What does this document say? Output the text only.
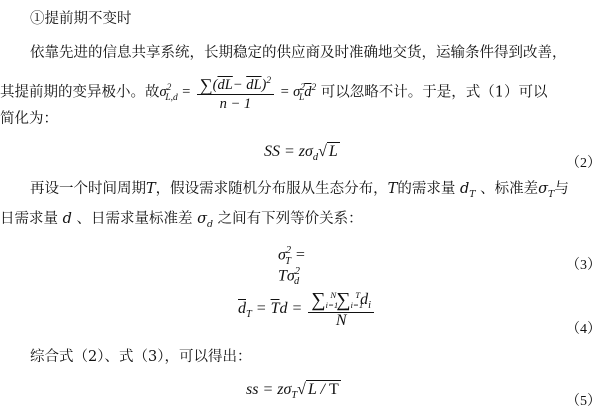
①提前期不变时
依靠先进的信息共享系统，长期稳定的供应商及时准确地交货，运输条件得到改善，
其提前期的变异极小。故$\sigma^2_{L,d} = \frac{\sum(\overline{dL}- \overline{dL})^2}{n - 1} = \sigma^2_L\overline{d}^2$ 可以忽略不计。于是，式（1）可以
简化为：
SS = $z\sigma_d√$ L
（2）
再设一个时间周期T，假设需求随机分布服从生态分布，T的需求量 $d_T$ 、标准差$\sigma_T$与
日需求量 d 、日需求量标准差 $\sigma_d$ 之间有下列等价关系：
$\sigma^2_T = T\sigma^2_d$
（3）
$\overline{d}_T = \overline{T}d = \frac{\sum_{i=1}^N\sum_{i=1}^Td_i}{N}$
（4）
综合式（2）、式（3），可以得出：
ss = $z\sigma_T√$ L / T
（5）
